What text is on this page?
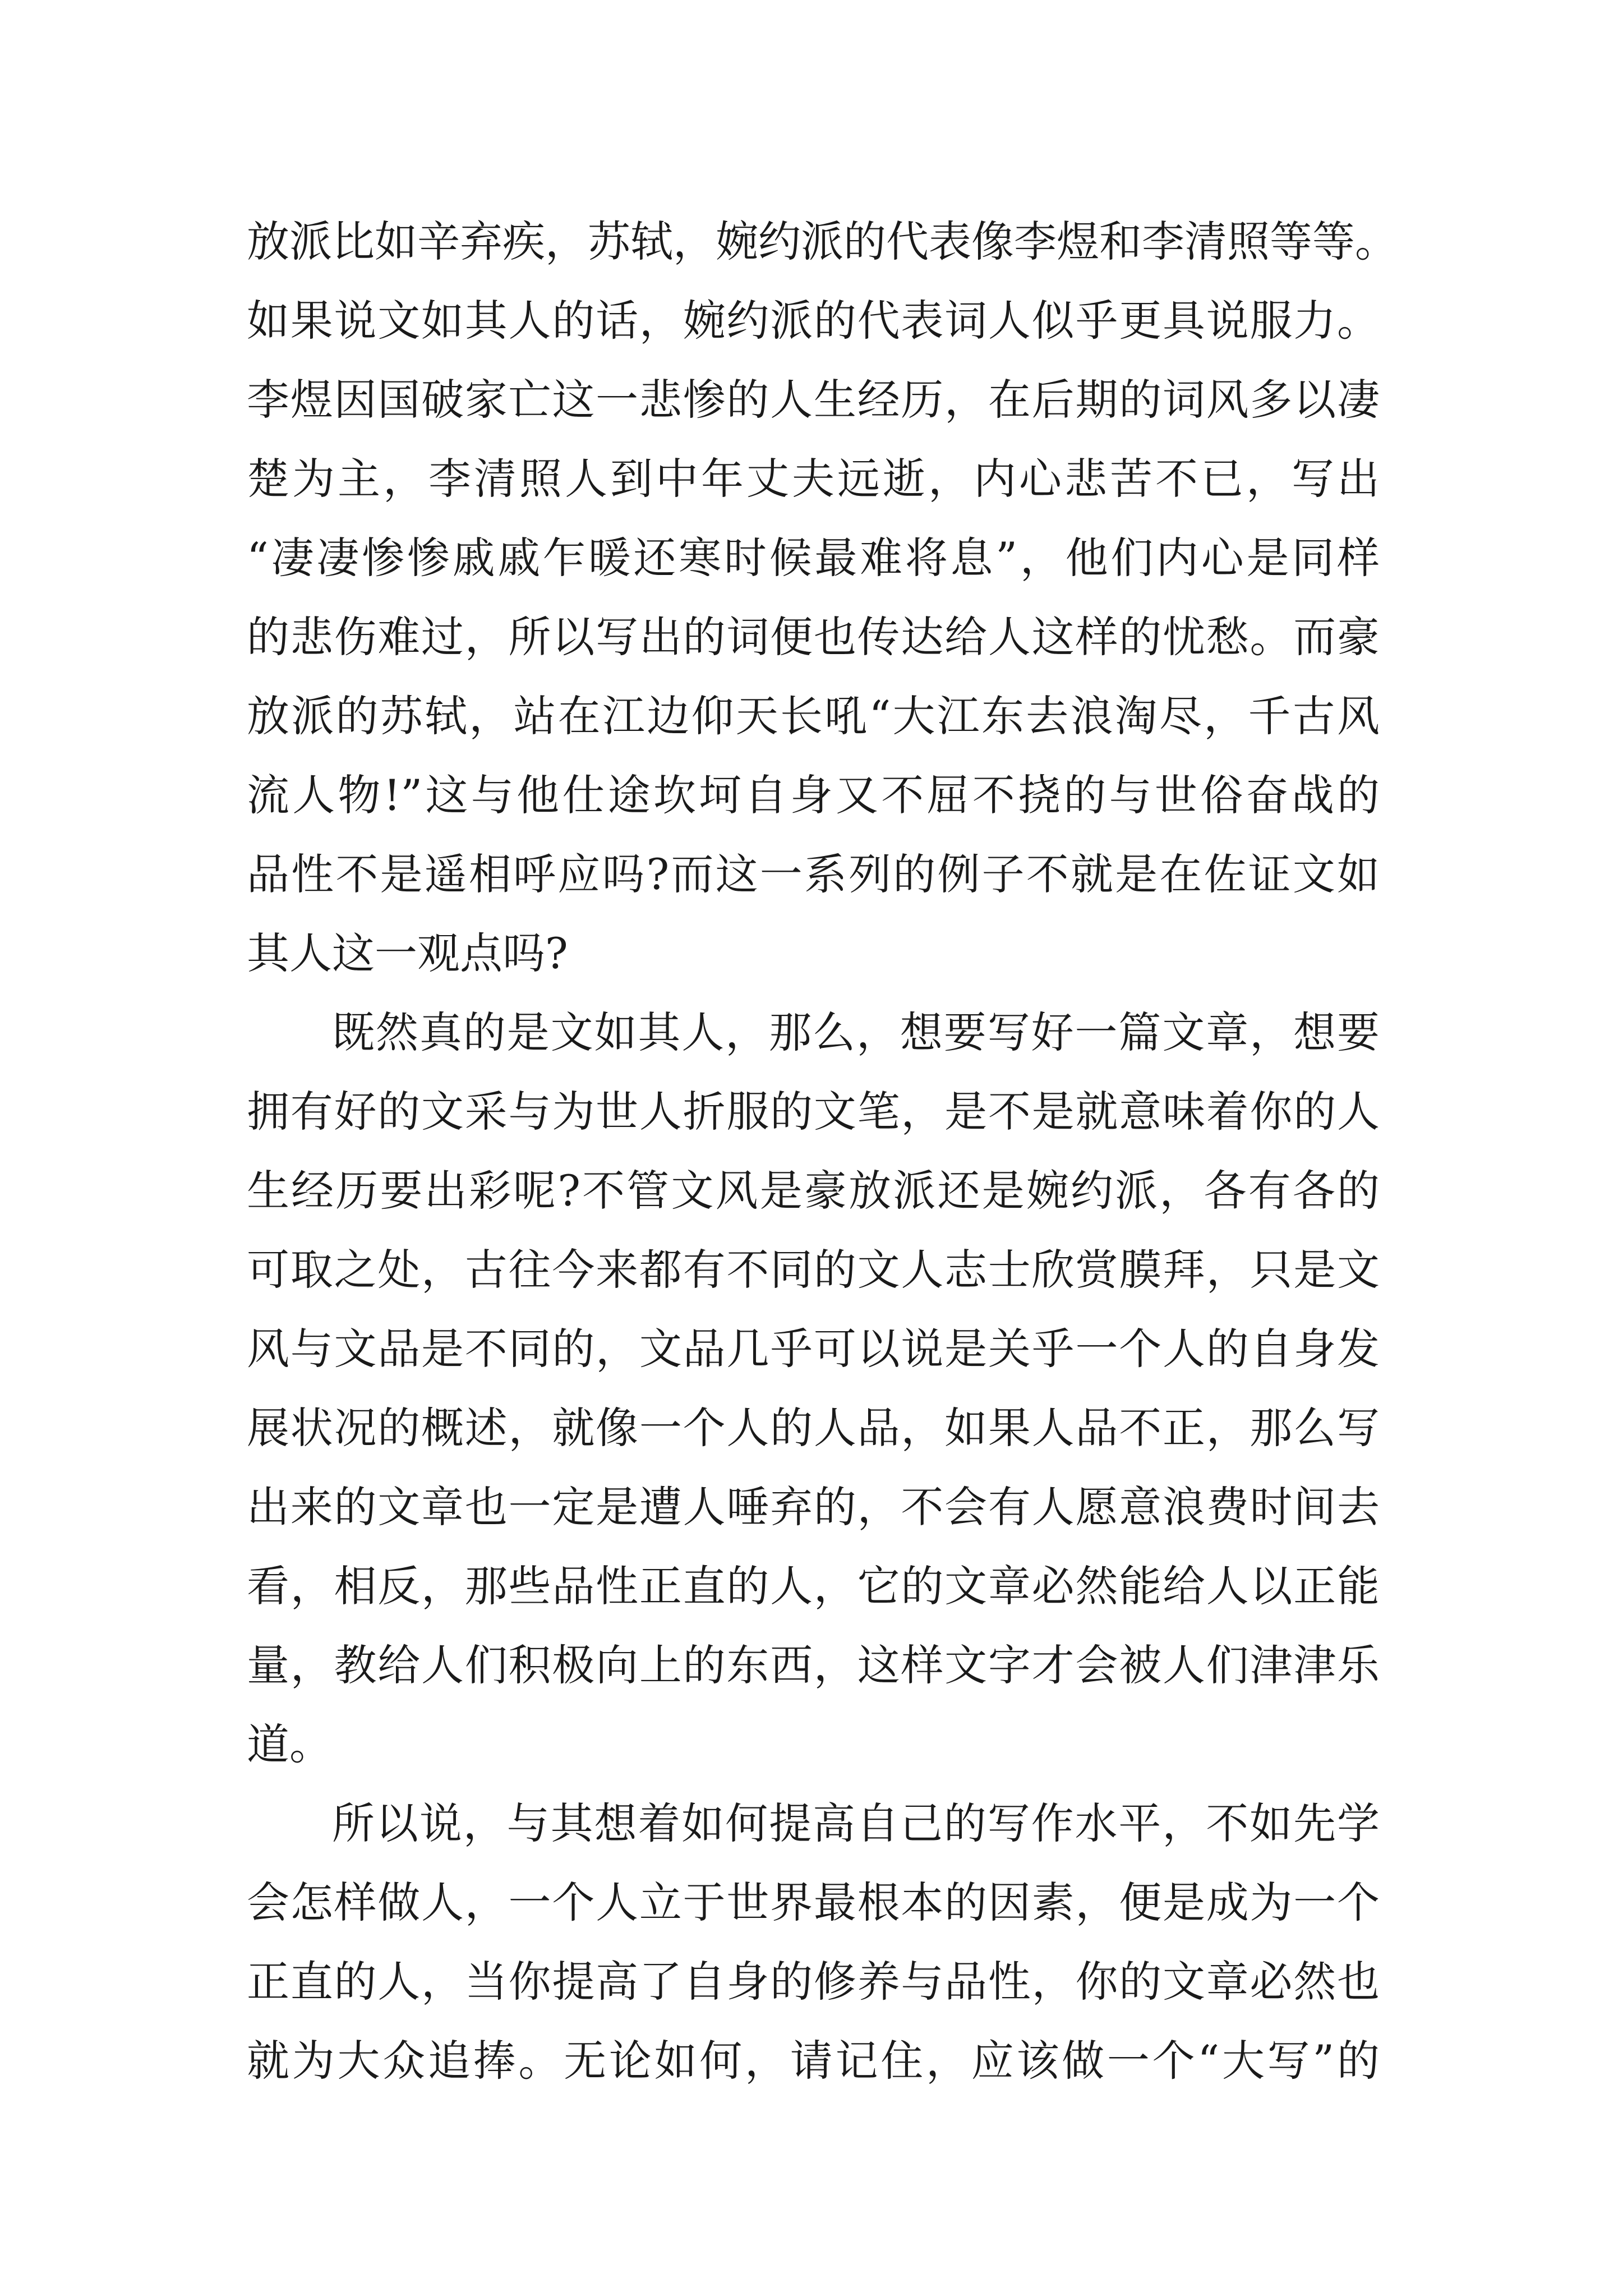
放派比如辛弃疾，苏轼，婉约派的代表像李煜和李清照等等。
如果说文如其人的话，婉约派的代表词人似乎更具说服力。
李煜因国破家亡这一悲惨的人生经历，在后期的词风多以凄
楚为主，李清照人到中年丈夫远逝，内心悲苦不已，写出
“凄凄惨惨戚戚乍暖还寒时候最难将息”，他们内心是同样
的悲伤难过，所以写出的词便也传达给人这样的忧愁。而豪
放派的苏轼，站在江边仰天长吼“大江东去浪淘尽，千古风
流人物!”这与他仕途坎坷自身又不屈不挠的与世俗奋战的
品性不是遥相呼应吗?而这一系列的例子不就是在佐证文如
其人这一观点吗?
既然真的是文如其人，那么，想要写好一篇文章，想要
拥有好的文采与为世人折服的文笔，是不是就意味着你的人
生经历要出彩呢?不管文风是豪放派还是婉约派，各有各的
可取之处，古往今来都有不同的文人志士欣赏膜拜，只是文
风与文品是不同的，文品几乎可以说是关乎一个人的自身发
展状况的概述，就像一个人的人品，如果人品不正，那么写
出来的文章也一定是遭人唾弃的，不会有人愿意浪费时间去
看，相反，那些品性正直的人，它的文章必然能给人以正能
量，教给人们积极向上的东西，这样文字才会被人们津津乐
道。
所以说，与其想着如何提高自己的写作水平，不如先学
会怎样做人，一个人立于世界最根本的因素，便是成为一个
正直的人，当你提高了自身的修养与品性，你的文章必然也
就为大众追捧。无论如何，请记住，应该做一个“大写”的
